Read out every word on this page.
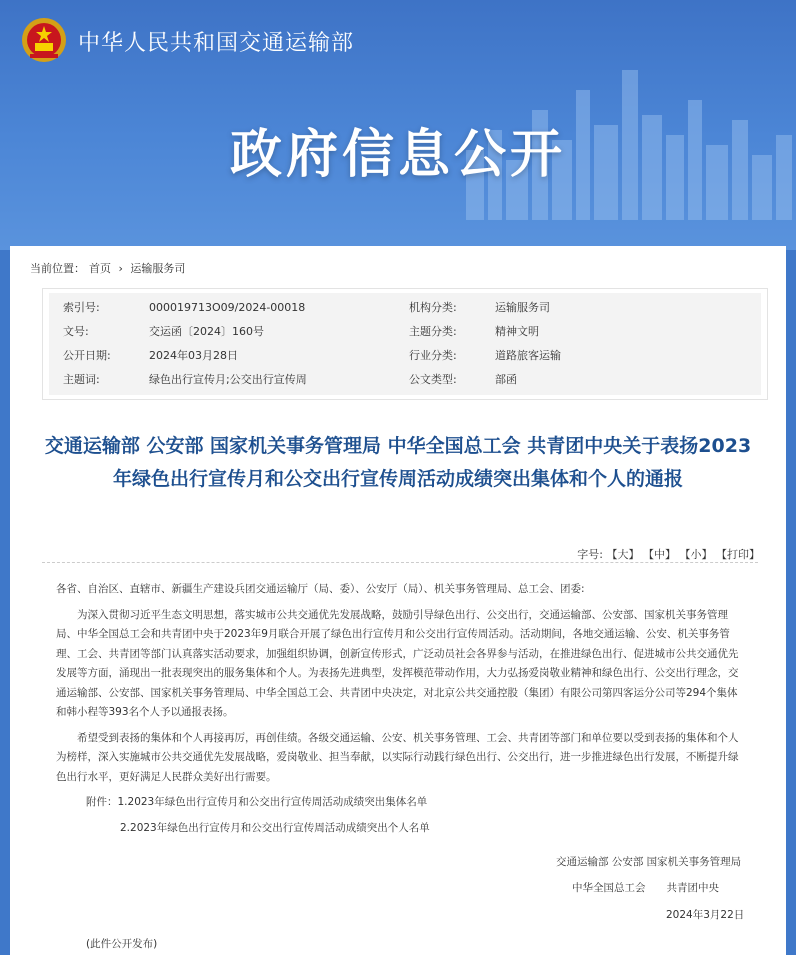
中华人民共和国交通运输部
政府信息公开
当前位置： 首页 › 运输服务司
索引号:	000019713O09/2024-00018	机构分类:	运输服务司
文号:	交运函〔2024〕160号	主题分类:	精神文明
公开日期:	2024年03月28日	行业分类:	道路旅客运输
主题词:	绿色出行宣传月;公交出行宣传周	公文类型:	部函
交通运输部 公安部 国家机关事务管理局 中华全国总工会 共青团中央关于表扬2023年绿色出行宣传月和公交出行宣传周活动成绩突出集体和个人的通报
字号: 【大】 【中】 【小】 【打印】

各省、自治区、直辖市、新疆生产建设兵团交通运输厅（局、委）、公安厅（局）、机关事务管理局、总工会、团委:

为深入贯彻习近平生态文明思想，落实城市公共交通优先发展战略，鼓励引导绿色出行、公交出行，交通运输部、公安部、国家机关事务管理局、中华全国总工会和共青团中央于2023年9月联合开展了绿色出行宣传月和公交出行宣传周活动。活动期间，各地交通运输、公安、机关事务管理、工会、共青团等部门认真落实活动要求，加强组织协调，创新宣传形式，广泛动员社会各界参与活动，在推进绿色出行、促进城市公共交通优先发展等方面，涌现出一批表现突出的服务集体和个人。为表扬先进典型，发挥模范带动作用，大力弘扬爱岗敬业精神和绿色出行、公交出行理念，交通运输部、公安部、国家机关事务管理局、中华全国总工会、共青团中央决定，对北京公共交通控股（集团）有限公司第四客运分公司等294个集体和韩小程等393名个人予以通报表扬。

希望受到表扬的集体和个人再接再厉，再创佳绩。各级交通运输、公安、机关事务管理、工会、共青团等部门和单位要以受到表扬的集体和个人为榜样，深入实施城市公共交通优先发展战略，爱岗敬业、担当奉献，以实际行动践行绿色出行、公交出行，进一步推进绿色出行发展，不断提升绿色出行水平，更好满足人民群众美好出行需要。

附件：1.2023年绿色出行宣传月和公交出行宣传周活动成绩突出集体名单

2.2023年绿色出行宣传月和公交出行宣传周活动成绩突出个人名单

交通运输部 公安部 国家机关事务管理局
中华全国总工会　　共青团中央
2024年3月22日
(此件公开发布)
